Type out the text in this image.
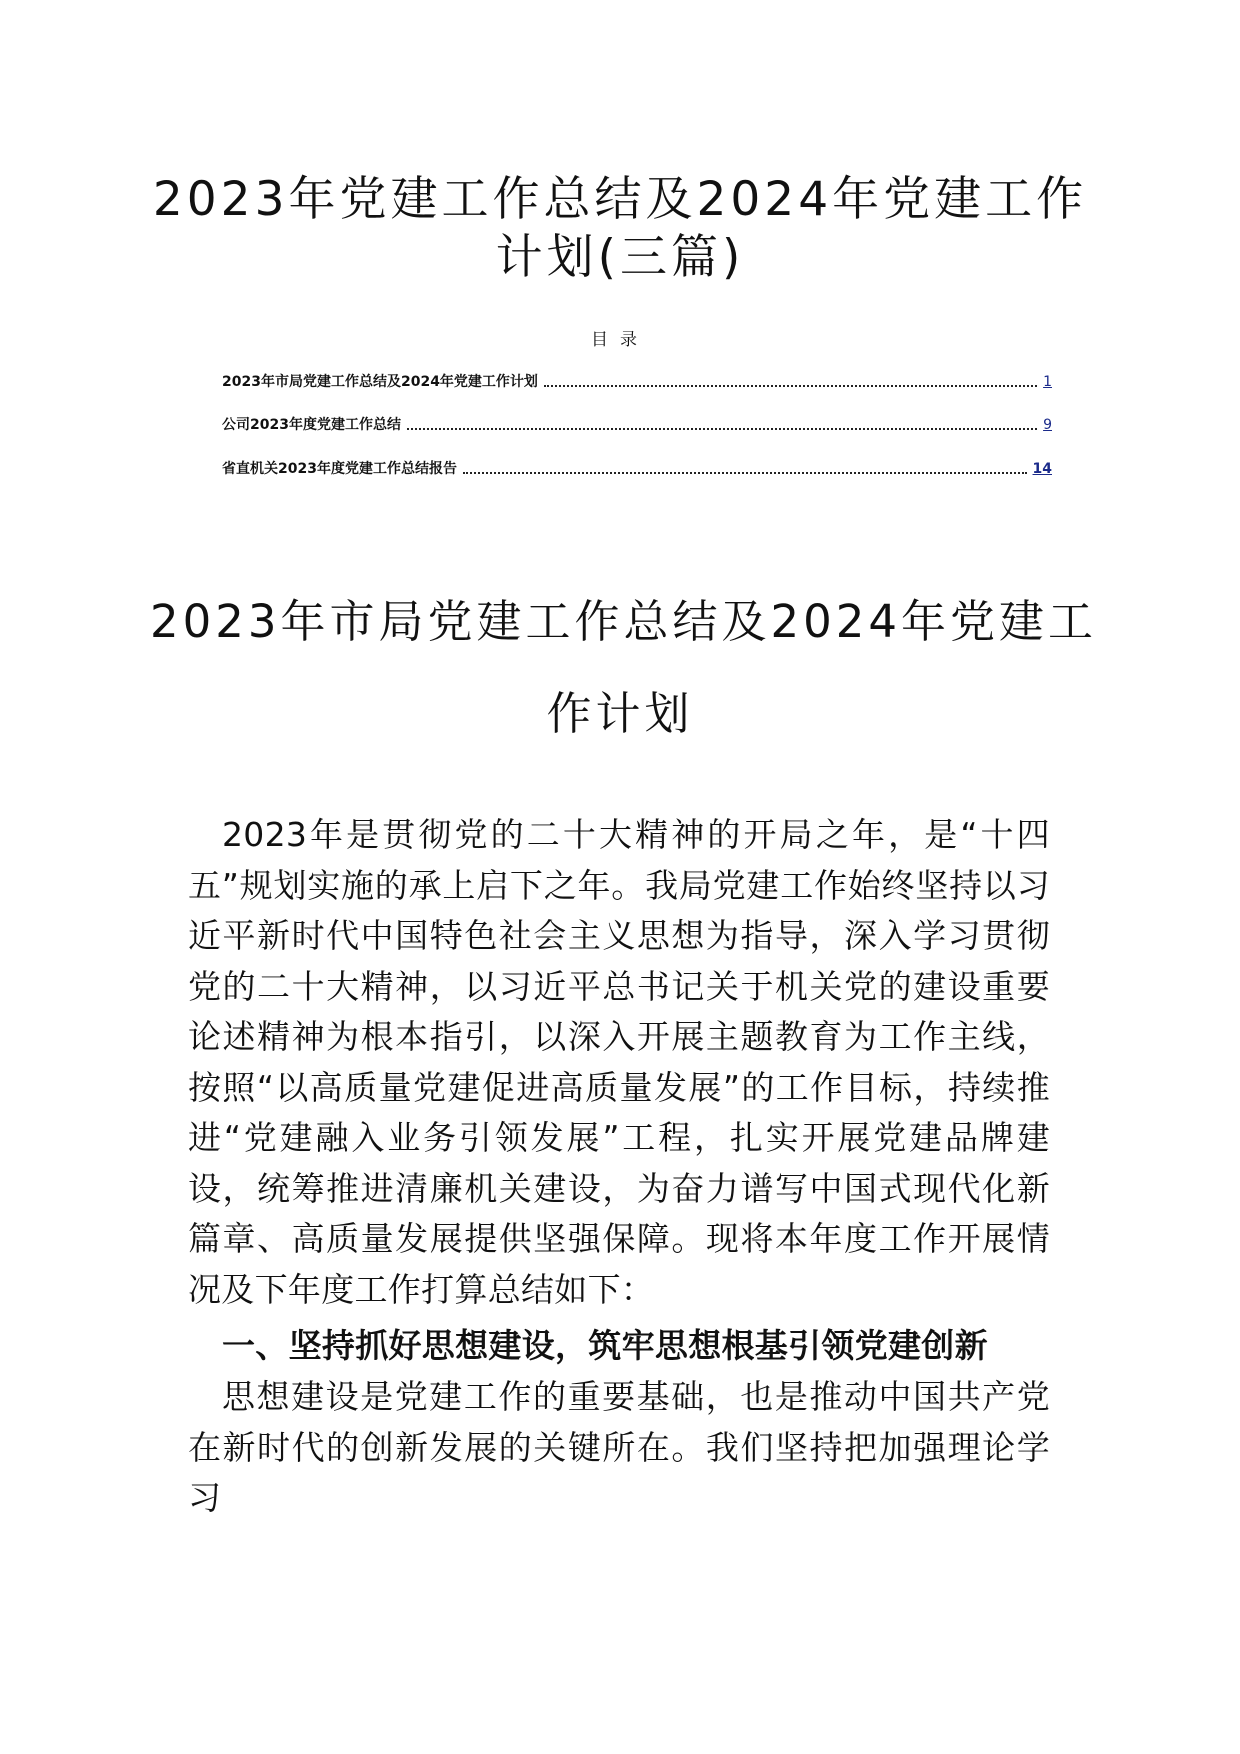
2023年党建工作总结及2024年党建工作
计划(三篇)
目录
2023年市局党建工作总结及2024年党建工作计划	1
公司2023年度党建工作总结	9
省直机关2023年度党建工作总结报告	14
2023年市局党建工作总结及2024年党建工
作计划
2023年是贯彻党的二十大精神的开局之年，是“十四五”规划实施的承上启下之年。我局党建工作始终坚持以习近平新时代中国特色社会主义思想为指导，深入学习贯彻党的二十大精神，以习近平总书记关于机关党的建设重要论述精神为根本指引，以深入开展主题教育为工作主线，按照“以高质量党建促进高质量发展”的工作目标，持续推进“党建融入业务引领发展”工程，扎实开展党建品牌建设，统筹推进清廉机关建设，为奋力谱写中国式现代化新篇章、高质量发展提供坚强保障。现将本年度工作开展情况及下年度工作打算总结如下：
一、坚持抓好思想建设，筑牢思想根基引领党建创新
思想建设是党建工作的重要基础，也是推动中国共产党在新时代的创新发展的关键所在。我们坚持把加强理论学习
